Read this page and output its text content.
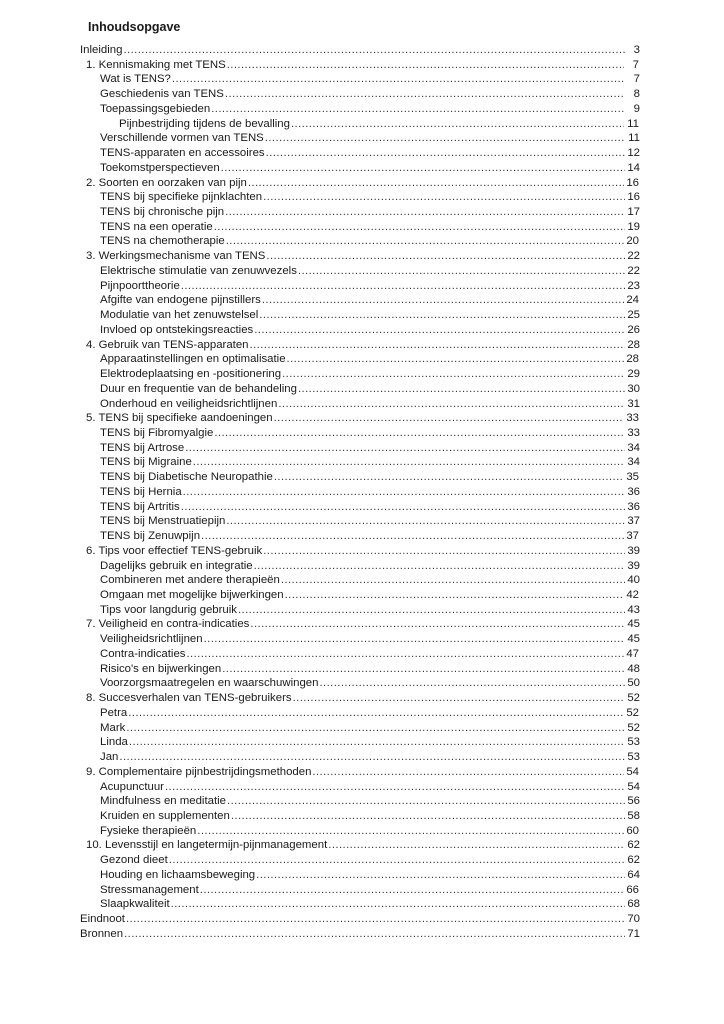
Inhoudsopgave
Inleiding .....	3
1. Kennismaking met TENS .....	7
Wat is TENS? .....	7
Geschiedenis van TENS .....	8
Toepassingsgebieden .....	9
Pijnbestrijding tijdens de bevalling .....	11
Verschillende vormen van TENS .....	11
TENS-apparaten en accessoires .....	12
Toekomstperspectieven .....	14
2. Soorten en oorzaken van pijn .....	16
TENS bij specifieke pijnklachten .....	16
TENS bij chronische pijn .....	17
TENS na een operatie .....	19
TENS na chemotherapie .....	20
3. Werkingsmechanisme van TENS .....	22
Elektrische stimulatie van zenuwvezels .....	22
Pijnpoorttheorie .....	23
Afgifte van endogene pijnstillers .....	24
Modulatie van het zenuwstelsel .....	25
Invloed op ontstekingsreacties .....	26
4. Gebruik van TENS-apparaten .....	28
Apparaatinstellingen en optimalisatie .....	28
Elektrodeplaatsing en -positionering .....	29
Duur en frequentie van de behandeling .....	30
Onderhoud en veiligheidsrichtlijnen .....	31
5. TENS bij specifieke aandoeningen .....	33
TENS bij Fibromyalgie .....	33
TENS bij Artrose .....	34
TENS bij Migraine .....	34
TENS bij Diabetische Neuropathie .....	35
TENS bij Hernia .....	36
TENS bij Artritis .....	36
TENS bij Menstruatiepijn .....	37
TENS bij Zenuwpijn .....	37
6. Tips voor effectief TENS-gebruik .....	39
Dagelijks gebruik en integratie .....	39
Combineren met andere therapieën .....	40
Omgaan met mogelijke bijwerkingen .....	42
Tips voor langdurig gebruik .....	43
7. Veiligheid en contra-indicaties .....	45
Veiligheidsrichtlijnen .....	45
Contra-indicaties .....	47
Risico's en bijwerkingen .....	48
Voorzorgsmaatregelen en waarschuwingen .....	50
8. Succesverhalen van TENS-gebruikers .....	52
Petra .....	52
Mark .....	52
Linda .....	53
Jan .....	53
9. Complementaire pijnbestrijdingsmethoden .....	54
Acupunctuur .....	54
Mindfulness en meditatie .....	56
Kruiden en supplementen .....	58
Fysieke therapieën .....	60
10. Levensstijl en langetermijn-pijnmanagement .....	62
Gezond dieet .....	62
Houding en lichaamsbeweging .....	64
Stressmanagement .....	66
Slaapkwaliteit .....	68
Eindnoot .....	70
Bronnen .....	71
